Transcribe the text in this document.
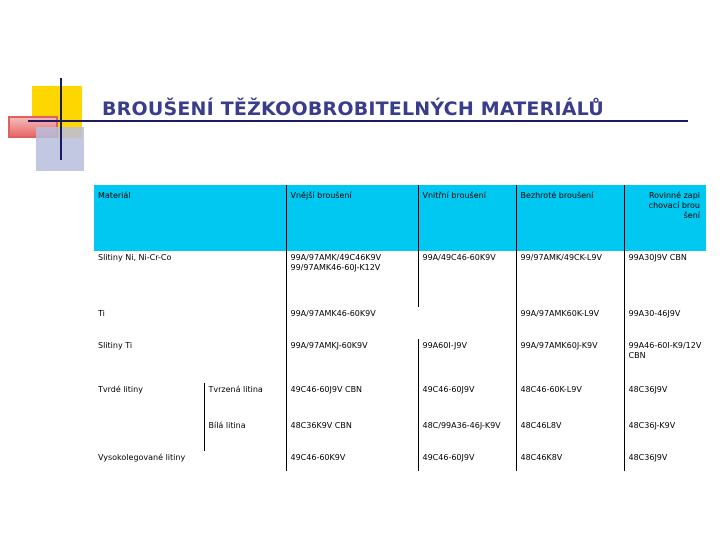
BROUŠENÍ TĚŽKOOBROBITELNÝCH MATERIÁLŮ
Materiál		Vnější broušení	Vnitřní broušení	Bezhroté broušení	Rovinné zapichovací broušení
Slitiny Ni, Ni-Cr-Co		99A/97AMK/49C46K9V 99/97AMK46-60J-K12V	99A/49C46-60K9V	99/97AMK/49CK-L9V	99A30J9V CBN
Ti		99A/97AMK46-60K9V		99A/97AMK60K-L9V	99A30-46J9V
Slitiny Ti		99A/97AMKJ-60K9V	99A60I-J9V	99A/97AMK60J-K9V	99A46-60I-K9/12V CBN
Tvrdé litiny	Tvrzená litina	49C46-60J9V CBN	49C46-60J9V	48C46-60K-L9V	48C36J9V
	Bílá litina	48C36K9V CBN	48C/99A36-46J-K9V	48C46L8V	48C36J-K9V
Vysokolegované litiny		49C46-60K9V	49C46-60J9V	48C46K8V	48C36J9V
